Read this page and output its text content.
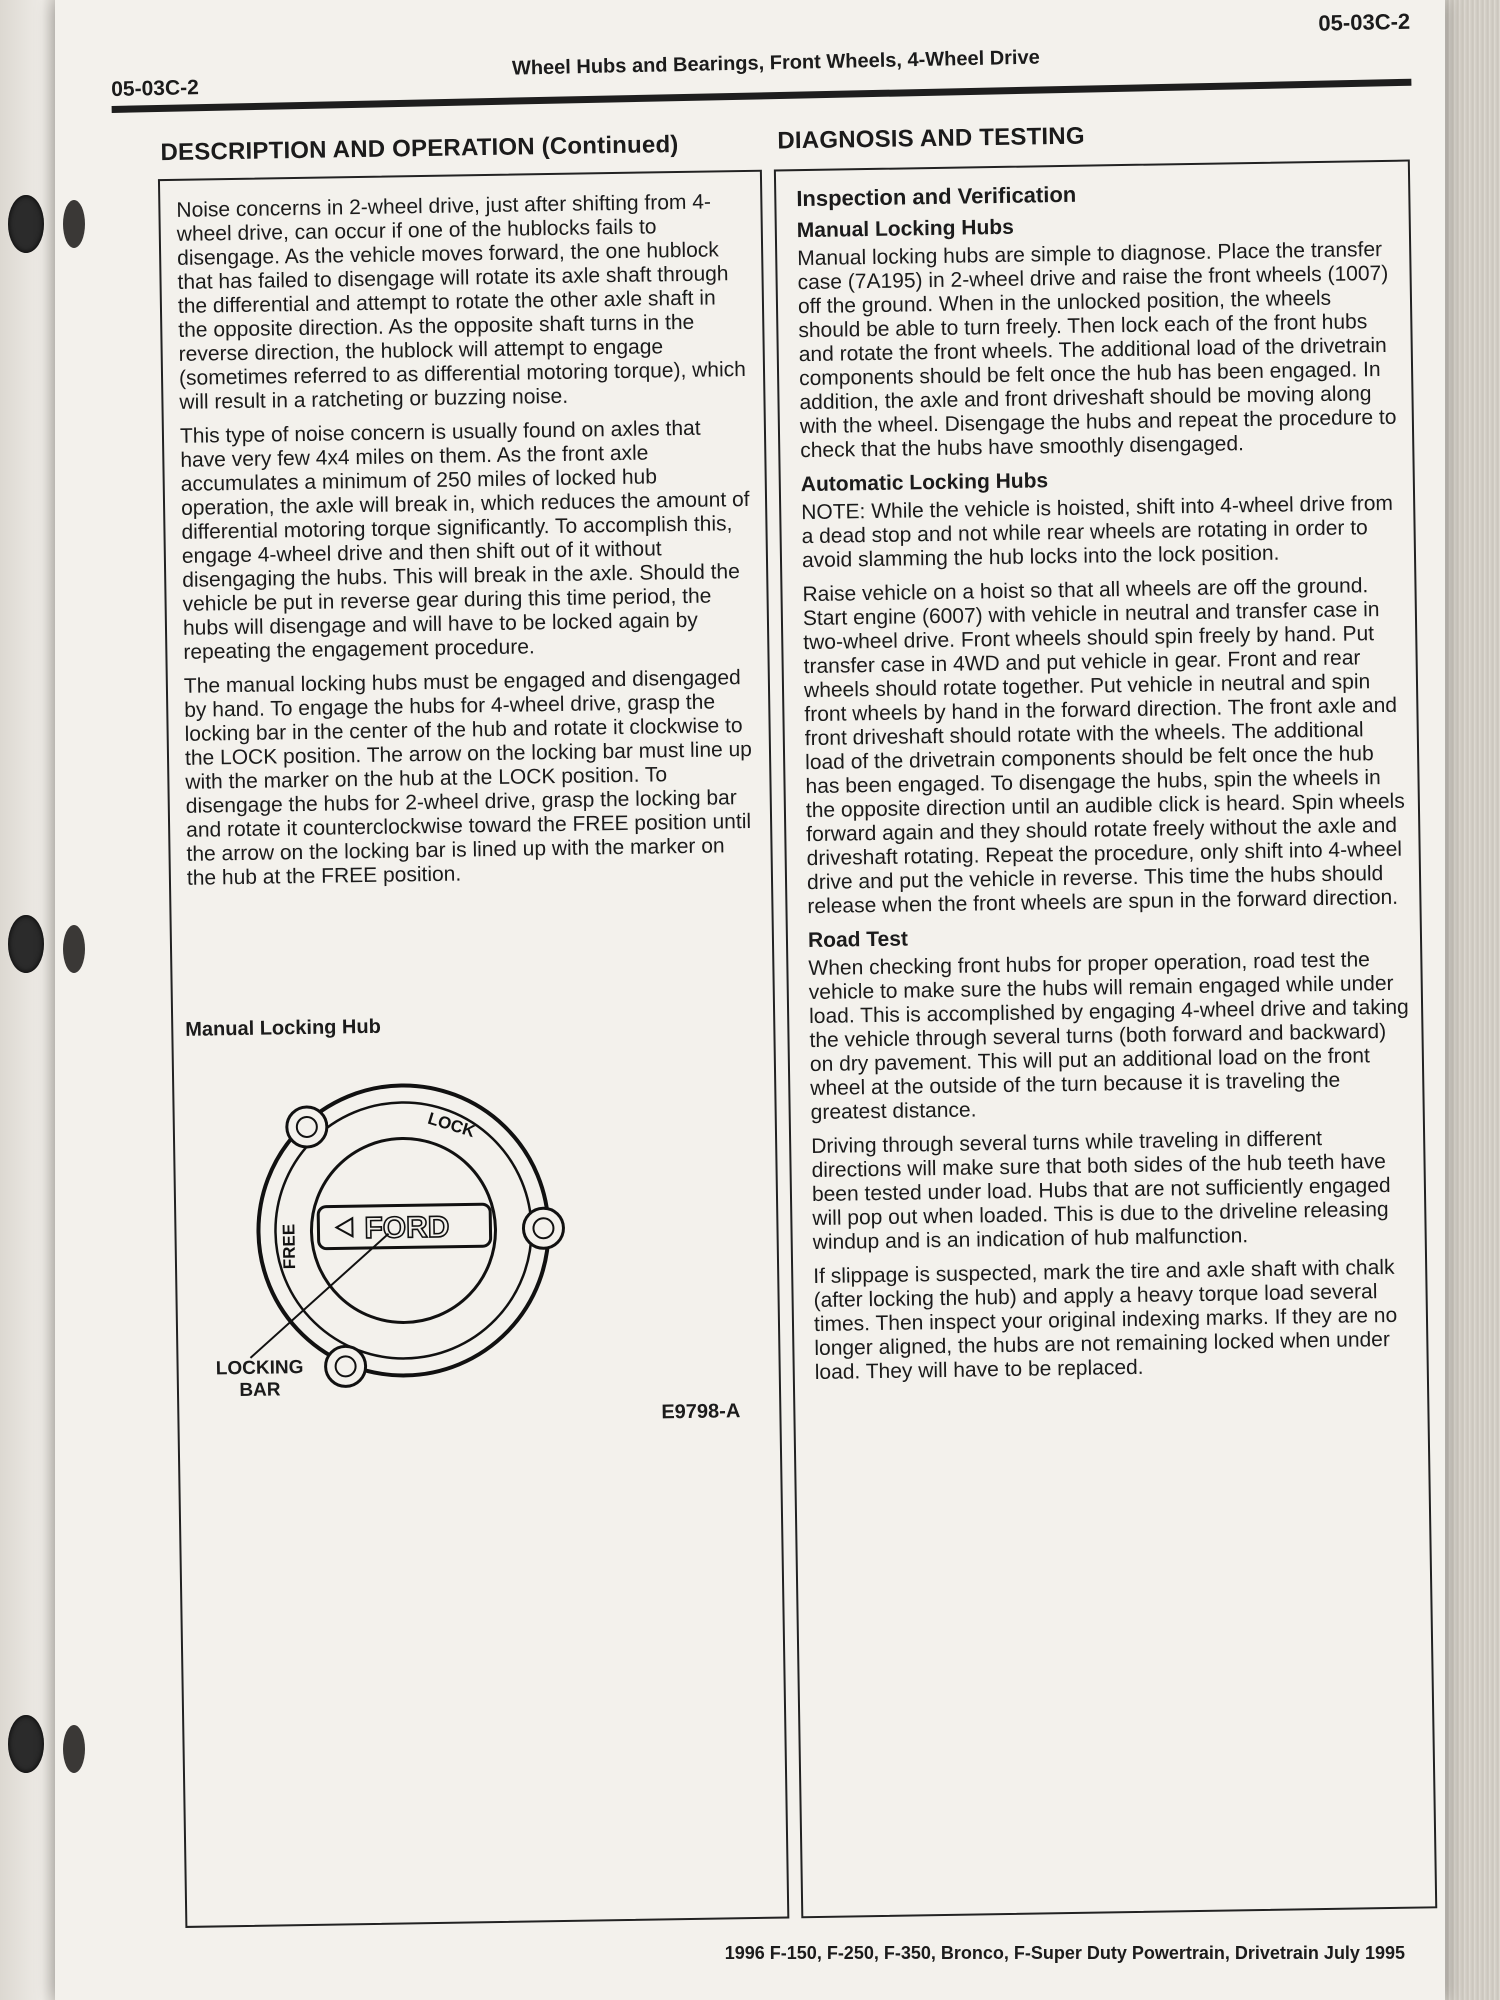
05-03C-2
Wheel Hubs and Bearings, Front Wheels, 4-Wheel Drive
05-03C-2
DESCRIPTION AND OPERATION (Continued)	DIAGNOSIS AND TESTING

Noise concerns in 2-wheel drive, just after shifting from 4-wheel drive, can occur if one of the hublocks fails to disengage. As the vehicle moves forward, the one hublock that has failed to disengage will rotate its axle shaft through the differential and attempt to rotate the other axle shaft in the opposite direction. As the opposite shaft turns in the reverse direction, the hublock will attempt to engage (sometimes referred to as differential motoring torque), which will result in a ratcheting or buzzing noise.

This type of noise concern is usually found on axles that have very few 4x4 miles on them. As the front axle accumulates a minimum of 250 miles of locked hub operation, the axle will break in, which reduces the amount of differential motoring torque significantly. To accomplish this, engage 4-wheel drive and then shift out of it without disengaging the hubs. This will break in the axle. Should the vehicle be put in reverse gear during this time period, the hubs will disengage and will have to be locked again by repeating the engagement procedure.

The manual locking hubs must be engaged and disengaged by hand. To engage the hubs for 4-wheel drive, grasp the locking bar in the center of the hub and rotate it clockwise to the LOCK position. The arrow on the locking bar must line up with the marker on the hub at the LOCK position. To disengage the hubs for 2-wheel drive, grasp the locking bar and rotate it counterclockwise toward the FREE position until the arrow on the locking bar is lined up with the marker on the hub at the FREE position.

Manual Locking Hub
FORD
LOCK
FREE
LOCKING
BAR
E9798-A
Inspection and Verification
Manual Locking Hubs

Manual locking hubs are simple to diagnose. Place the transfer case (7A195) in 2-wheel drive and raise the front wheels (1007) off the ground. When in the unlocked position, the wheels should be able to turn freely. Then lock each of the front hubs and rotate the front wheels. The additional load of the drivetrain components should be felt once the hub has been engaged. In addition, the axle and front driveshaft should be moving along with the wheel. Disengage the hubs and repeat the procedure to check that the hubs have smoothly disengaged.

Automatic Locking Hubs

NOTE: While the vehicle is hoisted, shift into 4-wheel drive from a dead stop and not while rear wheels are rotating in order to avoid slamming the hub locks into the lock position.

Raise vehicle on a hoist so that all wheels are off the ground. Start engine (6007) with vehicle in neutral and transfer case in two-wheel drive. Front wheels should spin freely by hand. Put transfer case in 4WD and put vehicle in gear. Front and rear wheels should rotate together. Put vehicle in neutral and spin front wheels by hand in the forward direction. The front axle and front driveshaft should rotate with the wheels. The additional load of the drivetrain components should be felt once the hub has been engaged. To disengage the hubs, spin the wheels in the opposite direction until an audible click is heard. Spin wheels forward again and they should rotate freely without the axle and driveshaft rotating. Repeat the procedure, only shift into 4-wheel drive and put the vehicle in reverse. This time the hubs should release when the front wheels are spun in the forward direction.

Road Test

When checking front hubs for proper operation, road test the vehicle to make sure the hubs will remain engaged while under load. This is accomplished by engaging 4-wheel drive and taking the vehicle through several turns (both forward and backward) on dry pavement. This will put an additional load on the front wheel at the outside of the turn because it is traveling the greatest distance.

Driving through several turns while traveling in different directions will make sure that both sides of the hub teeth have been tested under load. Hubs that are not sufficiently engaged will pop out when loaded. This is due to the driveline releasing windup and is an indication of hub malfunction.

If slippage is suspected, mark the tire and axle shaft with chalk (after locking the hub) and apply a heavy torque load several times. Then inspect your original indexing marks. If they are no longer aligned, the hubs are not remaining locked when under load. They will have to be replaced.

1996 F-150, F-250, F-350, Bronco, F-Super Duty Powertrain, Drivetrain July 1995
